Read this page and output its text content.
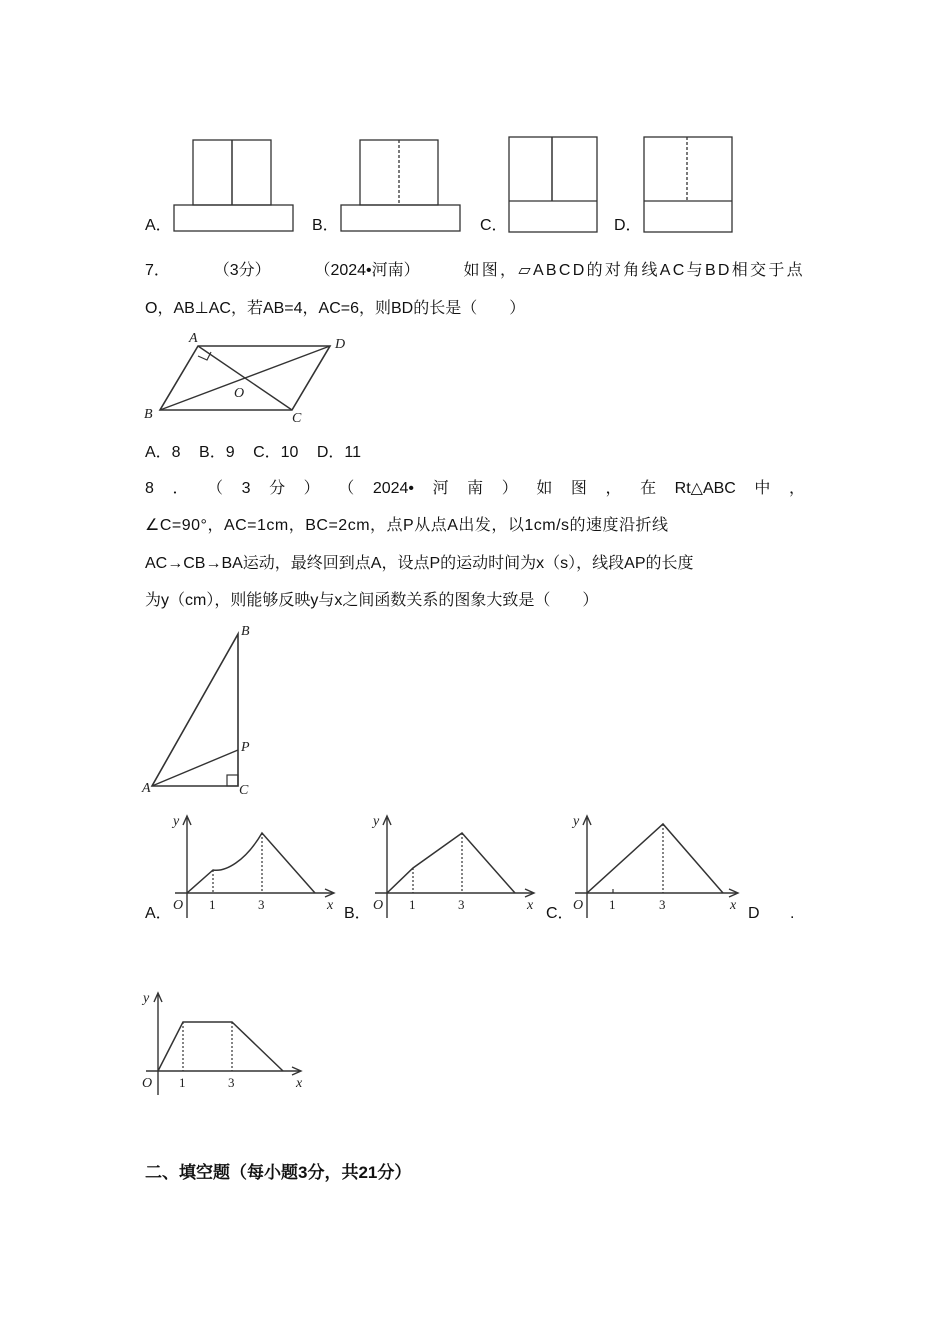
A．	B．	C．	D．
7．	（3分）	（2024•河南）	如图，▱ABCD的对角线AC与BD相交于点
O，AB⊥AC，若AB=4，AC=6，则BD的长是（　　）
A	D
B	C
O
A．8 B．9 C．10 D．11
8 ． （ 3 分 ） （ 2024• 河 南 ） 如 图 ， 在 Rt△ABC 中 ，
∠C=90°，AC=1cm，BC=2cm，点P从点A出发，以1cm/s的速度沿折线
AC→CB→BA运动，最终回到点A，设点P的运动时间为x（s），线段AP的长度
为y（cm），则能够反映y与x之间函数关系的图象大致是（　　）
B
P
A	C
y
O 1	3	x
A．
y
O 1	3	x
B．
y
O 1	3	x
C．	D .
y
O 1	3	x
二、填空题（每小题3分，共21分）
